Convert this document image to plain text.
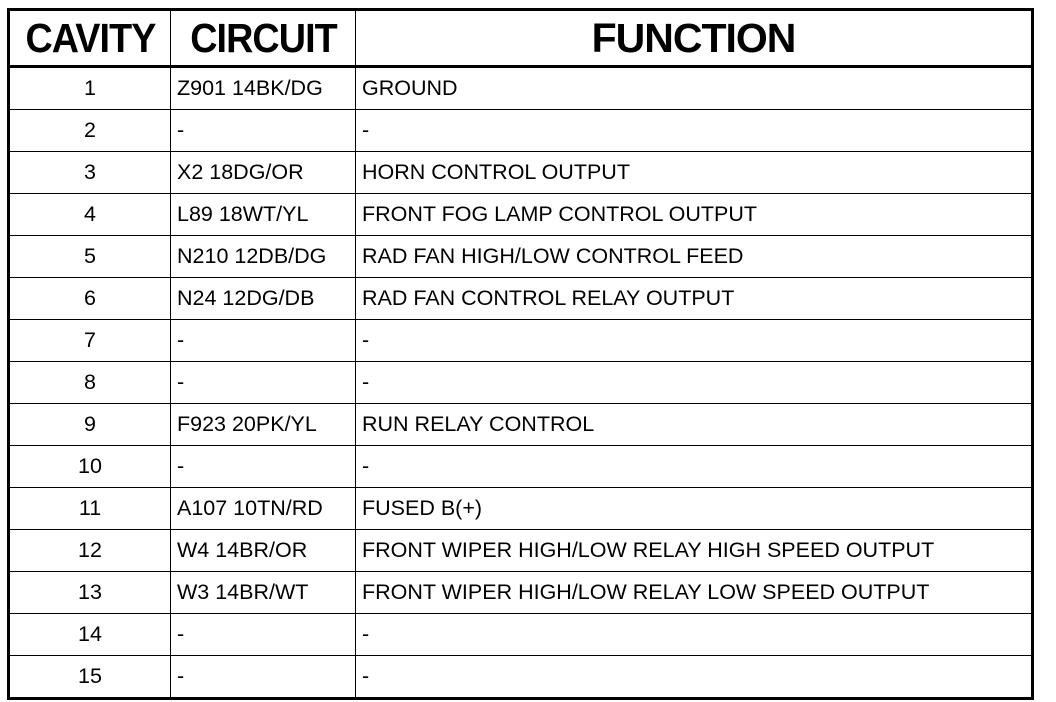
CAVITY	CIRCUIT	FUNCTION
1	Z901 14BK/DG	GROUND
2	-	-
3	X2 18DG/OR	HORN CONTROL OUTPUT
4	L89 18WT/YL	FRONT FOG LAMP CONTROL OUTPUT
5	N210 12DB/DG	RAD FAN HIGH/LOW CONTROL FEED
6	N24 12DG/DB	RAD FAN CONTROL RELAY OUTPUT
7	-	-
8	-	-
9	F923 20PK/YL	RUN RELAY CONTROL
10	-	-
11	A107 10TN/RD	FUSED B(+)
12	W4 14BR/OR	FRONT WIPER HIGH/LOW RELAY HIGH SPEED OUTPUT
13	W3 14BR/WT	FRONT WIPER HIGH/LOW RELAY LOW SPEED OUTPUT
14	-	-
15	-	-
